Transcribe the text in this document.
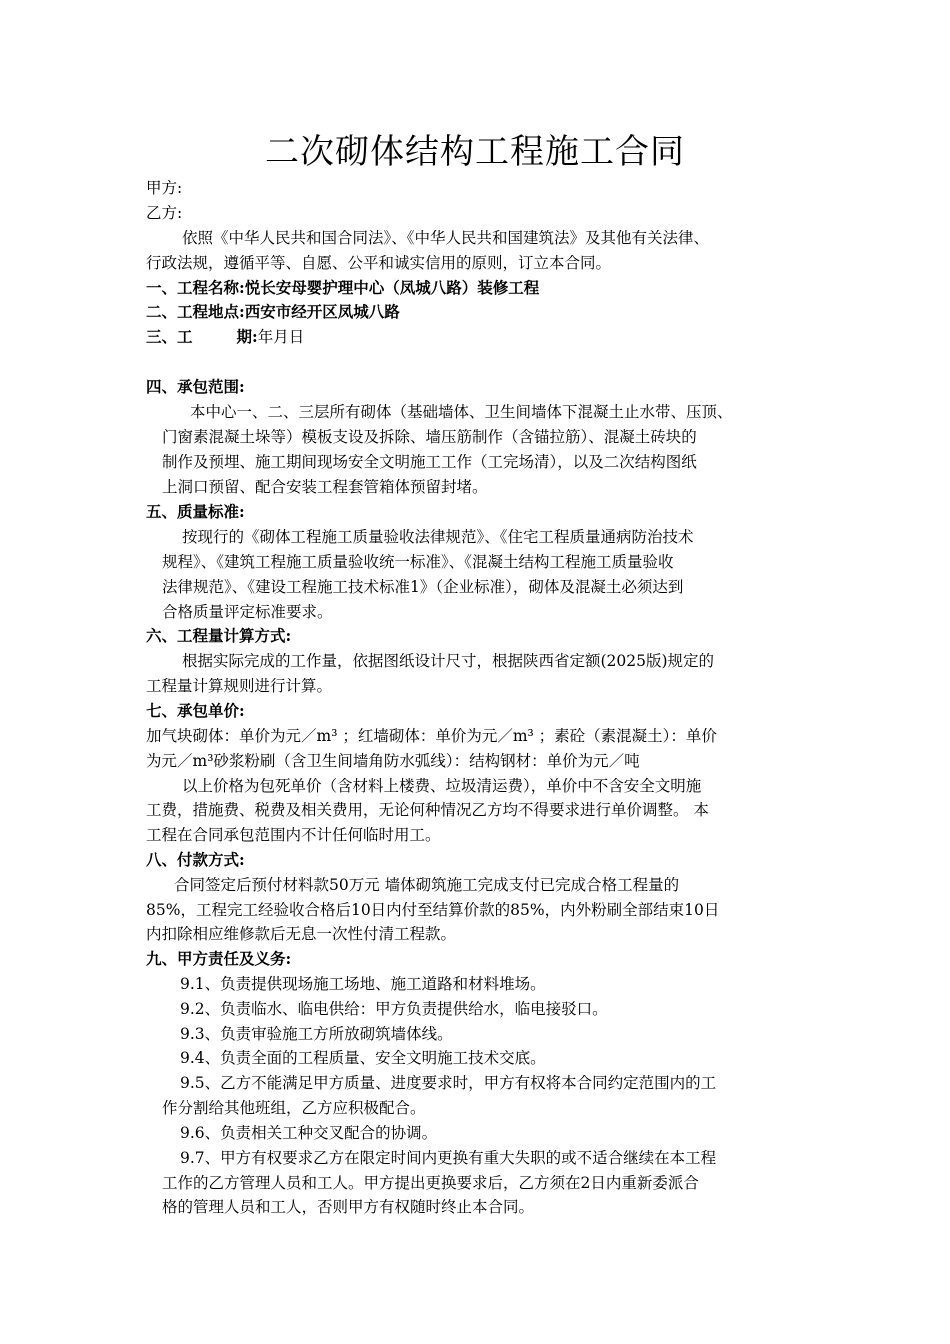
二次砌体结构工程施工合同
甲方:
乙方:
依照《中华人民共和国合同法》、《中华人民共和国建筑法》及其他有关法律、
行政法规，遵循平等、自愿、公平和诚实信用的原则，订立本合同。
一、工程名称:悦长安母婴护理中心（凤城八路）装修工程
二、工程地点:西安市经开区凤城八路
三、工	期:年月日
四、承包范围:
本中心一、二、三层所有砌体（基础墙体、卫生间墙体下混凝土止水带、压顶、
门窗素混凝土垛等）模板支设及拆除、墙压筋制作（含锚拉筋）、混凝土砖块的
制作及预埋、施工期间现场安全文明施工工作（工完场清），以及二次结构图纸
上洞口预留、配合安装工程套管箱体预留封堵。
五、质量标准:
按现行的《砌体工程施工质量验收法律规范》、《住宅工程质量通病防治技术
规程》、《建筑工程施工质量验收统一标准》、《混凝土结构工程施工质量验收
法律规范》、《建设工程施工技术标准1》（企业标准），砌体及混凝土必须达到
合格质量评定标准要求。
六、工程量计算方式:
根据实际完成的工作量，依据图纸设计尺寸，根据陕西省定额(2025版)规定的
工程量计算规则进行计算。
七、承包单价:
加气块砌体：单价为元／m³ ；红墙砌体：单价为元／m³ ；素砼（素混凝土）：单价
为元／m³砂浆粉刷（含卫生间墙角防水弧线）：结构钢材：单价为元／吨
以上价格为包死单价（含材料上楼费、垃圾清运费），单价中不含安全文明施
工费，措施费、税费及相关费用，无论何种情况乙方均不得要求进行单价调整。 本
工程在合同承包范围内不计任何临时用工。
八、付款方式:
合同签定后预付材料款50万元 墙体砌筑施工完成支付已完成合格工程量的
85%，工程完工经验收合格后10日内付至结算价款的85%，内外粉刷全部结束10日
内扣除相应维修款后无息一次性付清工程款。
九、甲方责任及义务:
9.1、负责提供现场施工场地、施工道路和材料堆场。
9.2、负责临水、临电供给：甲方负责提供给水，临电接驳口。
9.3、负责审验施工方所放砌筑墙体线。
9.4、负责全面的工程质量、安全文明施工技术交底。
9.5、乙方不能满足甲方质量、进度要求时，甲方有权将本合同约定范围内的工
作分割给其他班组，乙方应积极配合。
9.6、负责相关工种交叉配合的协调。
9.7、甲方有权要求乙方在限定时间内更换有重大失职的或不适合继续在本工程
工作的乙方管理人员和工人。甲方提出更换要求后，乙方须在2日内重新委派合
格的管理人员和工人，否则甲方有权随时终止本合同。
